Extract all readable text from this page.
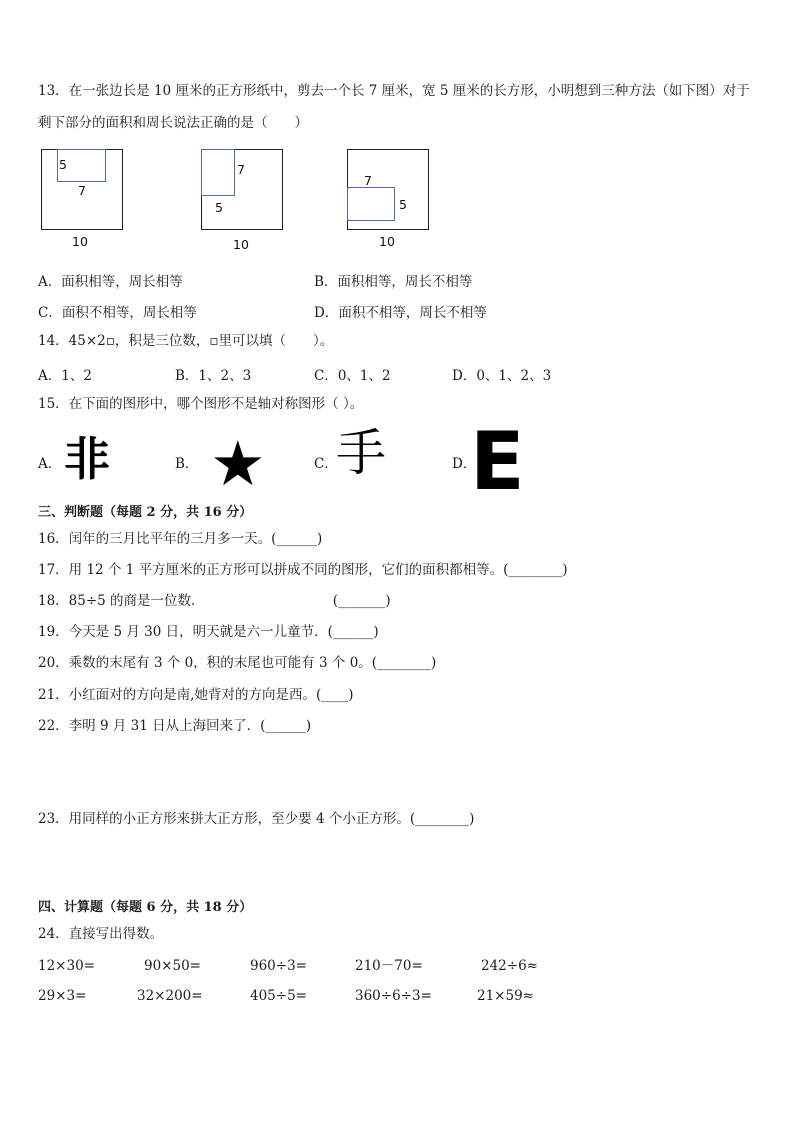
13．在一张边长是 10 厘米的正方形纸中，剪去一个长 7 厘米，宽 5 厘米的长方形，小明想到三种方法（如下图）对于
剩下部分的面积和周长说法正确的是（　　）
5
7
10
7
5
10
7
5
10
A．面积相等，周长相等	B．面积相等，周长不相等
C．面积不相等，周长相等	D．面积不相等，周长不相等
14．45×2▫，积是三位数，▫里可以填（　　）。
A．1、2	B．1、2、3	C．0、1、2	D．0、1、2、3
15．在下面的图形中，哪个图形不是轴对称图形（ ）。
A． 非	B． ★	C．
手	D．
E
三、判断题（每题 2 分，共 16 分）
16．闰年的三月比平年的三月多一天。(______)
17．用 12 个 1 平方厘米的正方形可以拼成不同的图形，它们的面积都相等。(________)
18．85÷5 的商是一位数．　　　　　　　　　　(_______)
19．今天是 5 月 30 日，明天就是六一儿童节．(______)
20．乘数的末尾有 3 个 0，积的末尾也可能有 3 个 0。(________)
21．小红面对的方向是南,她背对的方向是西。(____)
22．李明 9 月 31 日从上海回来了．(______)
23．用同样的小正方形来拼大正方形，至少要 4 个小正方形。(________)
四、计算题（每题 6 分，共 18 分）
24．直接写出得数。
12×30=	90×50=	960÷3=	210－70=	242÷6≈
29×3=	32×200=	405÷5=	360÷6÷3=	21×59≈
